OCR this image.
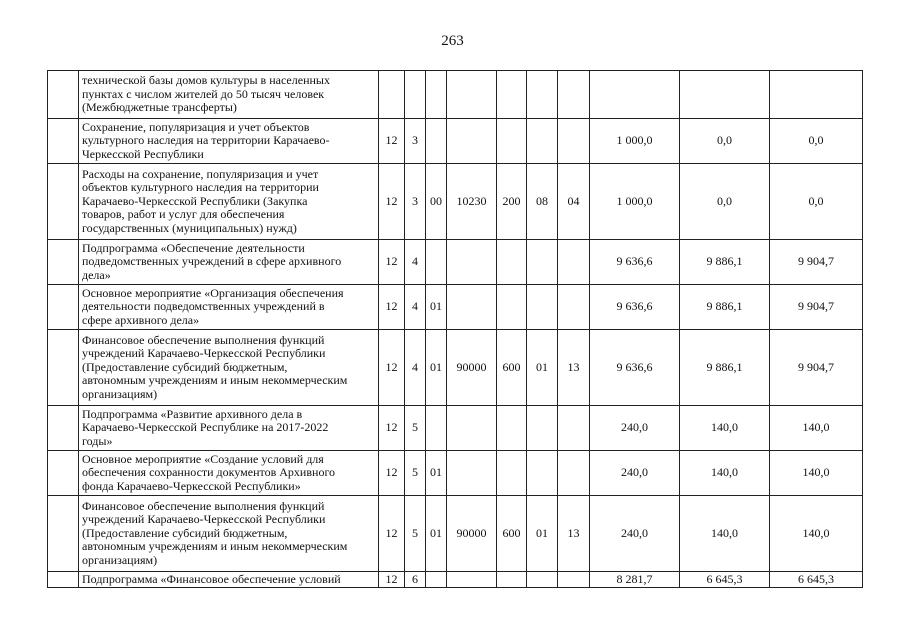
263

	технической базы домов культуры в населенных
пунктах с числом жителей до 50 тысяч человек
(Межбюджетные трансферты)										

	Сохранение, популяризация и учет объектов
культурного наследия на территории Карачаево-
Черкесской Республики	12	3						1 000,0	0,0	0,0

	Расходы на сохранение, популяризация и учет
объектов культурного наследия на территории
Карачаево-Черкесской Республики (Закупка
товаров, работ и услуг для обеспечения
государственных (муниципальных) нужд)	12	3	00	10230	200	08	04	1 000,0	0,0	0,0

	Подпрограмма «Обеспечение деятельности
подведомственных учреждений в сфере архивного
дела»	12	4						9 636,6	9 886,1	9 904,7

	Основное мероприятие «Организация обеспечения
деятельности подведомственных учреждений в
сфере архивного дела»	12	4	01					9 636,6	9 886,1	9 904,7

	Финансовое обеспечение выполнения функций
учреждений Карачаево-Черкесской Республики
(Предоставление субсидий бюджетным,
автономным учреждениям и иным некоммерческим
организациям)	12	4	01	90000	600	01	13	9 636,6	9 886,1	9 904,7

	Подпрограмма «Развитие архивного дела в
Карачаево-Черкесской Республике на 2017-2022
годы»	12	5						240,0	140,0	140,0

	Основное мероприятие «Создание условий для
обеспечения сохранности документов Архивного
фонда Карачаево-Черкесской Республики»	12	5	01					240,0	140,0	140,0

	Финансовое обеспечение выполнения функций
учреждений Карачаево-Черкесской Республики
(Предоставление субсидий бюджетным,
автономным учреждениям и иным некоммерческим
организациям)	12	5	01	90000	600	01	13	240,0	140,0	140,0

	Подпрограмма «Финансовое обеспечение условий	12	6						8 281,7	6 645,3	6 645,3
